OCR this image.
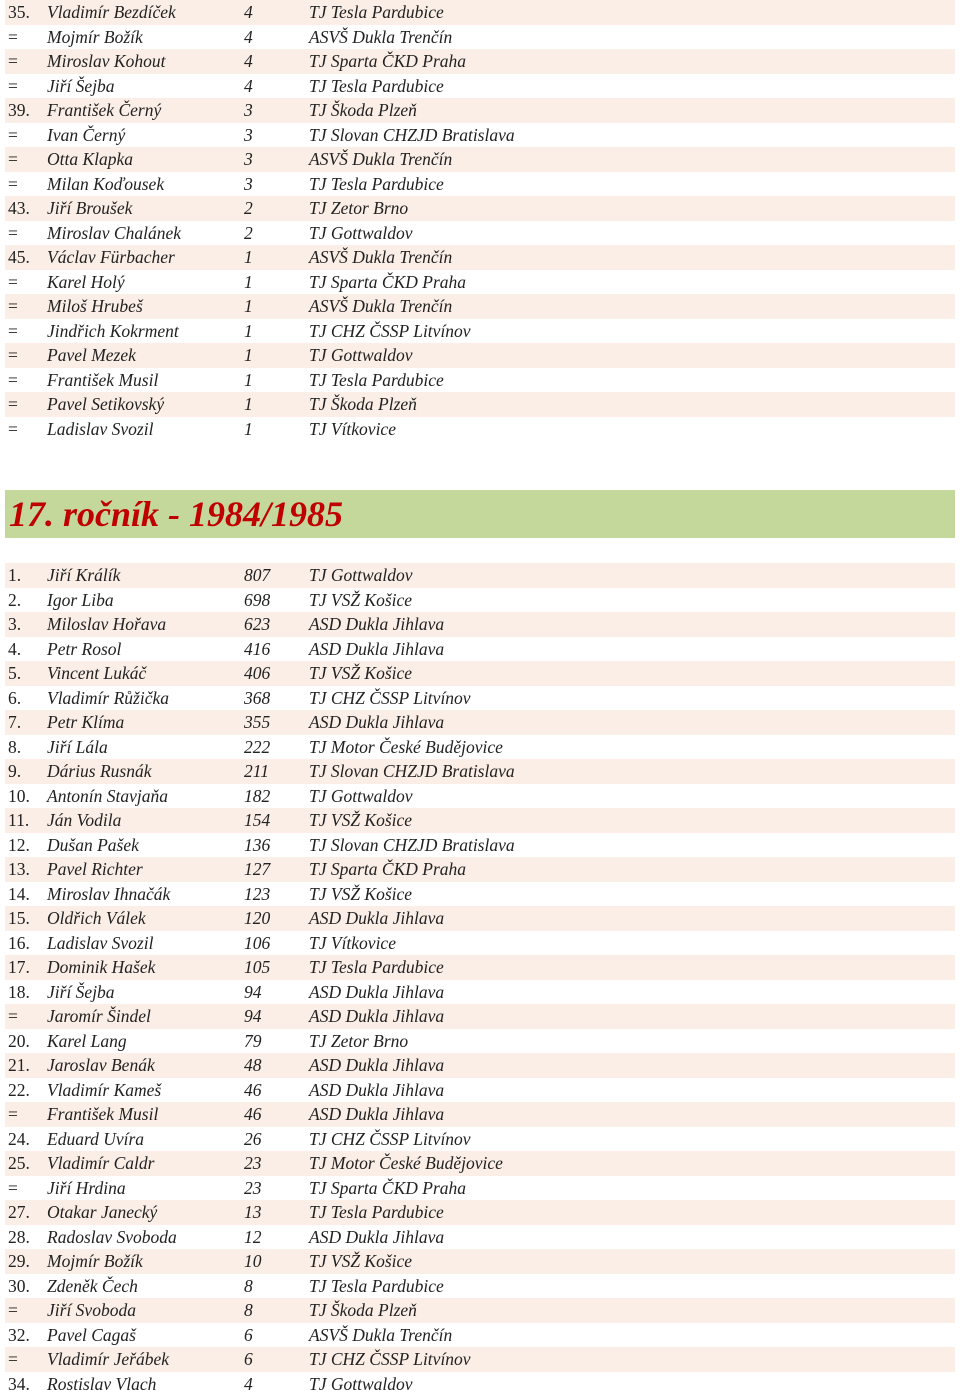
35. Vladimír Bezdíček	4	TJ Tesla Pardubice
= Mojmír Božík	4	ASVŠ Dukla Trenčín
= Miroslav Kohout	4	TJ Sparta ČKD Praha
= Jiří Šejba	4	TJ Tesla Pardubice
39. František Černý	3	TJ Škoda Plzeň
= Ivan Černý	3	TJ Slovan CHZJD Bratislava
= Otta Klapka	3	ASVŠ Dukla Trenčín
= Milan Koďousek	3	TJ Tesla Pardubice
43. Jiří Broušek	2	TJ Zetor Brno
= Miroslav Chalánek	2	TJ Gottwaldov
45. Václav Fürbacher	1	ASVŠ Dukla Trenčín
= Karel Holý	1	TJ Sparta ČKD Praha
= Miloš Hrubeš	1	ASVŠ Dukla Trenčín
= Jindřich Kokrment	1	TJ CHZ ČSSP Litvínov
= Pavel Mezek	1	TJ Gottwaldov
= František Musil	1	TJ Tesla Pardubice
= Pavel Setikovský	1	TJ Škoda Plzeň
= Ladislav Svozil	1	TJ Vítkovice
17. ročník - 1984/1985
1. Jiří Králík	807 TJ Gottwaldov
2. Igor Liba	698 TJ VSŽ Košice
3. Miloslav Hořava	623 ASD Dukla Jihlava
4. Petr Rosol	416 ASD Dukla Jihlava
5. Vincent Lukáč	406 TJ VSŽ Košice
6. Vladimír Růžička	368 TJ CHZ ČSSP Litvínov
7. Petr Klíma	355 ASD Dukla Jihlava
8. Jiří Lála	222 TJ Motor České Budějovice
9. Dárius Rusnák	211 TJ Slovan CHZJD Bratislava
10. Antonín Stavjaňa	182 TJ Gottwaldov
11. Ján Vodila	154 TJ VSŽ Košice
12. Dušan Pašek	136 TJ Slovan CHZJD Bratislava
13. Pavel Richter	127 TJ Sparta ČKD Praha
14. Miroslav Ihnačák	123 TJ VSŽ Košice
15. Oldřich Válek	120 ASD Dukla Jihlava
16. Ladislav Svozil	106 TJ Vítkovice
17. Dominik Hašek	105 TJ Tesla Pardubice
18. Jiří Šejba	94	ASD Dukla Jihlava
= Jaromír Šindel	94	ASD Dukla Jihlava
20. Karel Lang	79	TJ Zetor Brno
21. Jaroslav Benák	48	ASD Dukla Jihlava
22. Vladimír Kameš	46	ASD Dukla Jihlava
= František Musil	46	ASD Dukla Jihlava
24. Eduard Uvíra	26	TJ CHZ ČSSP Litvínov
25. Vladimír Caldr	23	TJ Motor České Budějovice
= Jiří Hrdina	23	TJ Sparta ČKD Praha
27. Otakar Janecký	13	TJ Tesla Pardubice
28. Radoslav Svoboda	12	ASD Dukla Jihlava
29. Mojmír Božík	10	TJ VSŽ Košice
30. Zdeněk Čech	8	TJ Tesla Pardubice
= Jiří Svoboda	8	TJ Škoda Plzeň
32. Pavel Cagaš	6	ASVŠ Dukla Trenčín
= Vladimír Jeřábek	6	TJ CHZ ČSSP Litvínov
34. Rostislav Vlach	4	TJ Gottwaldov
